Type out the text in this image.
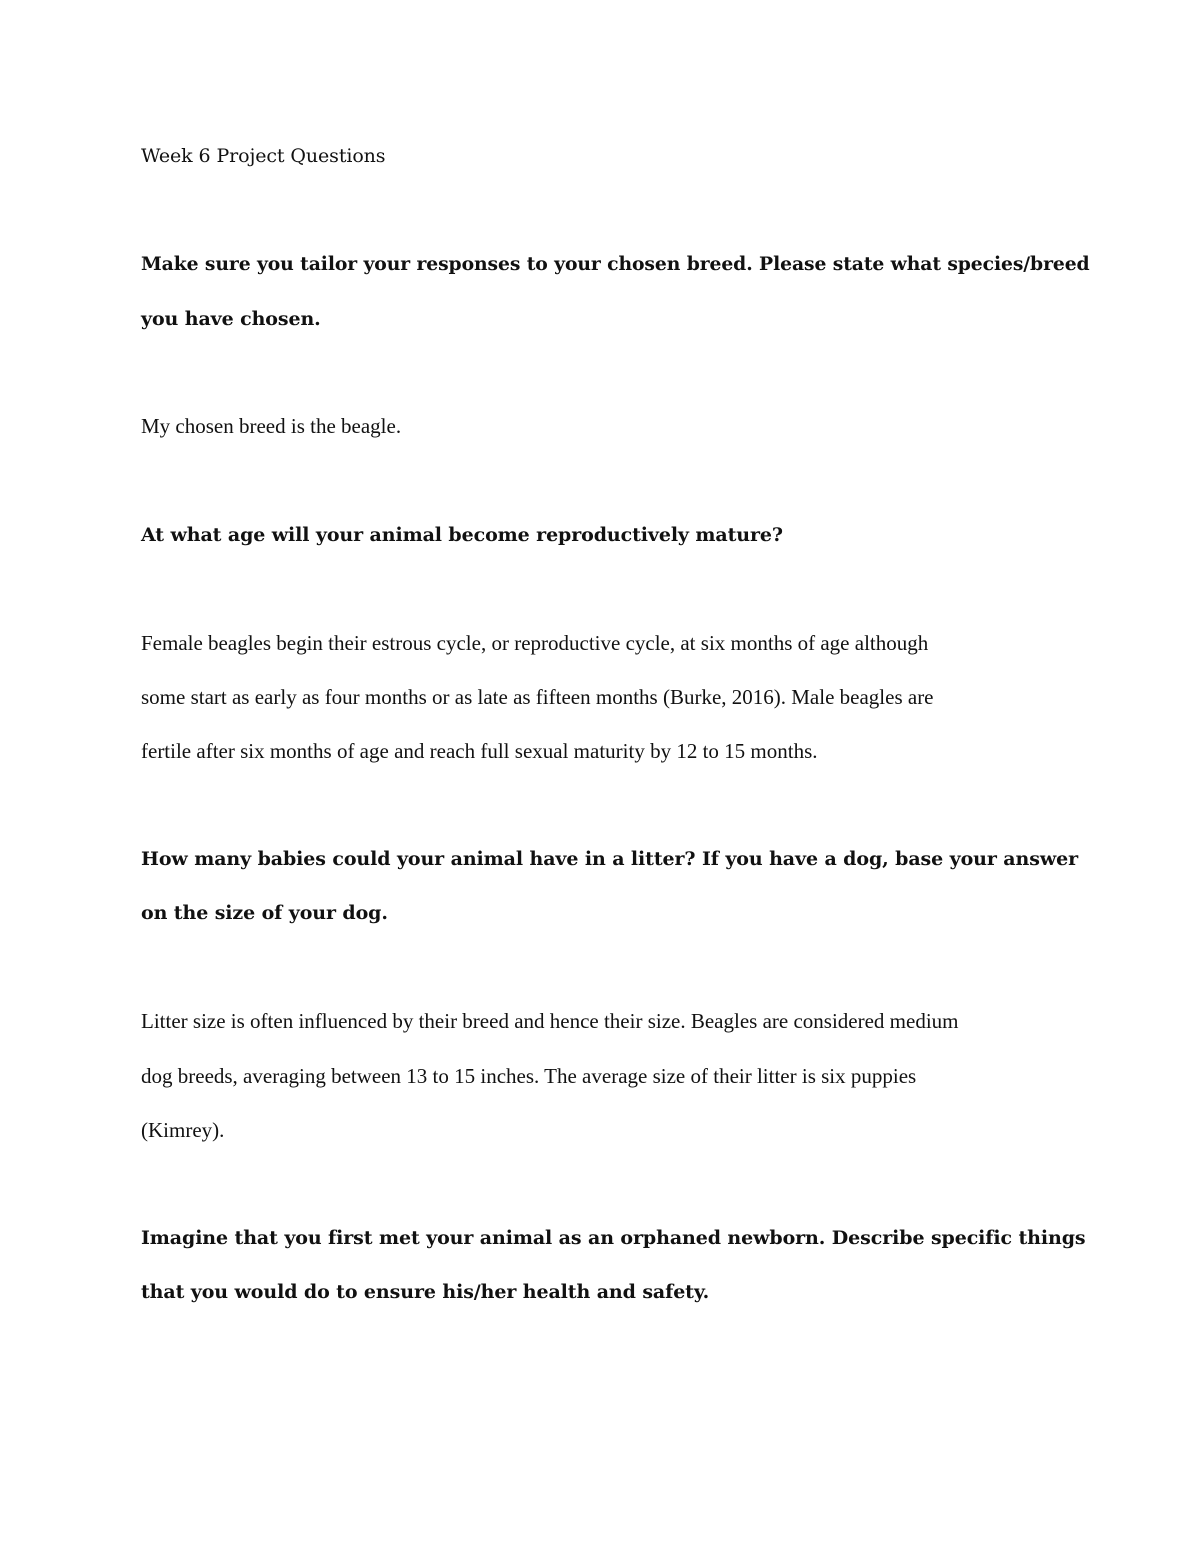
Week 6 Project Questions
Make sure you tailor your responses to your chosen breed. Please state what species/breed
you have chosen.
My chosen breed is the beagle.
At what age will your animal become reproductively mature?
Female beagles begin their estrous cycle, or reproductive cycle, at six months of age although
some start as early as four months or as late as fifteen months (Burke, 2016). Male beagles are
fertile after six months of age and reach full sexual maturity by 12 to 15 months.
How many babies could your animal have in a litter? If you have a dog, base your answer
on the size of your dog.
Litter size is often influenced by their breed and hence their size. Beagles are considered medium
dog breeds, averaging between 13 to 15 inches. The average size of their litter is six puppies
(Kimrey).
Imagine that you first met your animal as an orphaned newborn. Describe specific things
that you would do to ensure his/her health and safety.
